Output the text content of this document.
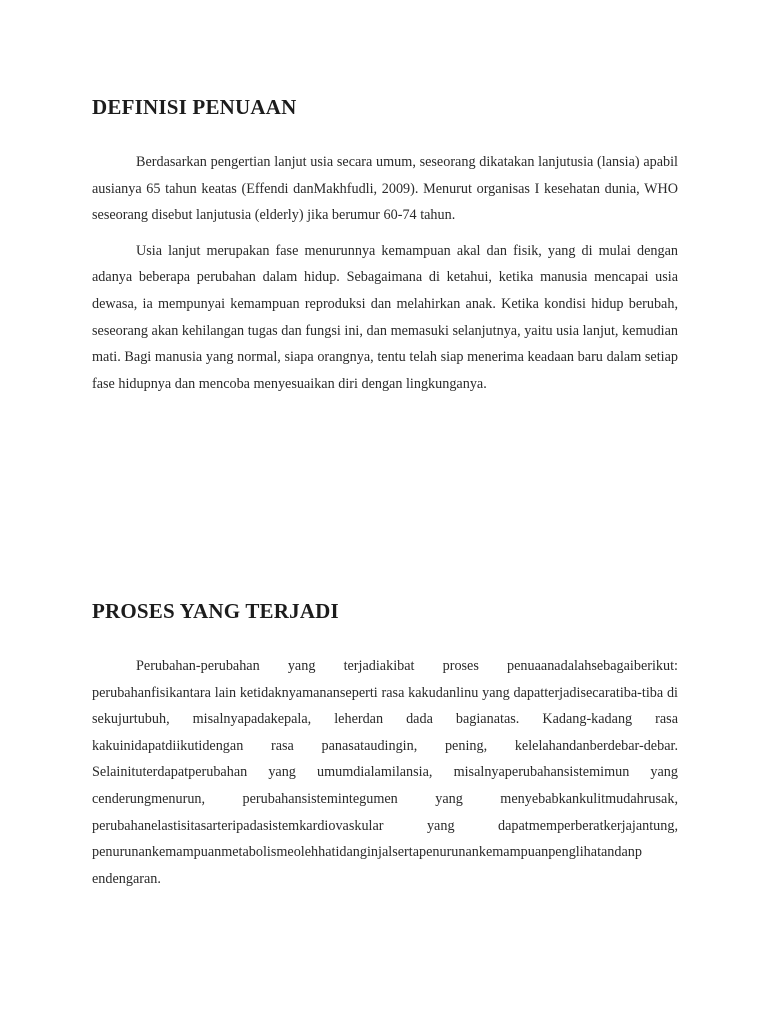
DEFINISI PENUAAN

Berdasarkan pengertian lanjut usia secara umum, seseorang dikatakan lanjutusia (lansia) apabil ausianya 65 tahun keatas (Effendi danMakhfudli, 2009). Menurut organisas I kesehatan dunia, WHO seseorang disebut lanjutusia (elderly) jika berumur 60-74 tahun.

Usia lanjut merupakan fase menurunnya kemampuan akal dan fisik, yang di mulai dengan adanya beberapa perubahan dalam hidup. Sebagaimana di ketahui, ketika manusia mencapai usia dewasa, ia mempunyai kemampuan reproduksi dan melahirkan anak. Ketika kondisi hidup berubah, seseorang akan kehilangan tugas dan fungsi ini, dan memasuki selanjutnya, yaitu usia lanjut, kemudian mati. Bagi manusia yang normal, siapa orangnya, tentu telah siap menerima keadaan baru dalam setiap fase hidupnya dan mencoba menyesuaikan diri dengan lingkunganya.

PROSES YANG TERJADI

Perubahan-perubahan yang terjadiakibat proses penuaanadalahsebagaiberikut: perubahanfisikantara lain ketidaknyamananseperti rasa kakudanlinu yang dapatterjadisecaratiba-tiba di sekujurtubuh, misalnyapadakepala, leherdan dada bagianatas. Kadang-kadang rasa kakuinidapatdiikutidengan rasa panasataudingin, pening, kelelahandanberdebar-debar. Selainituterdapatperubahan yang umumdialamilansia, misalnyaperubahansistemimun yang cenderungmenurun, perubahansistemintegumen yang menyebabkankulitmudahrusak, perubahanelastisitasarteripadasistemkardiovaskular yang dapatmemperberatkerjajantung, penurunankemampuanmetabolismeolehhatidanginjalsertapenurunankemampuanpenglihatandanp endengaran.
